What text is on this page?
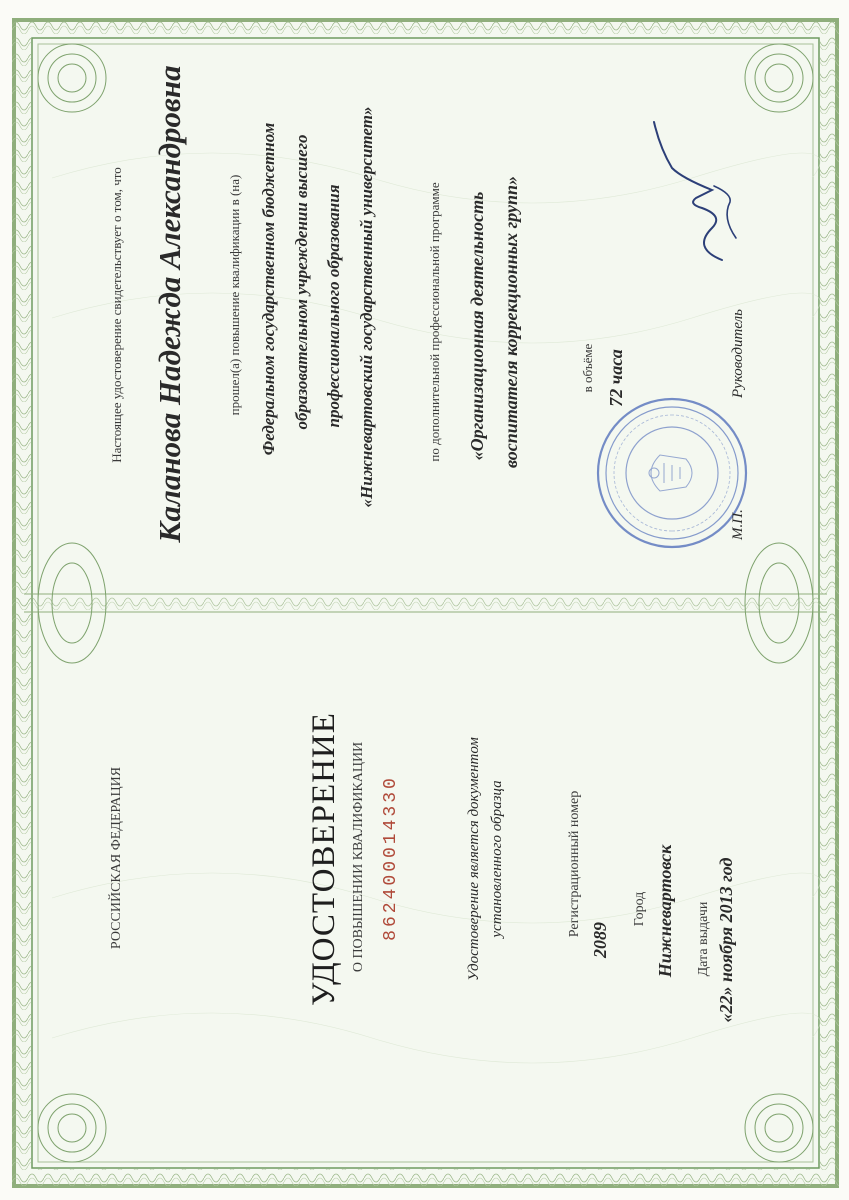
РОССИЙСКАЯ ФЕДЕРАЦИЯ	УДОСТОВЕРЕНИЕ О ПОВЫШЕНИИ КВАЛИФИКАЦИИ 862400014330	Удостоверение является документом установленного образца	Регистрационный номер
2089
Город Нижневартовск Дата выдачи «22» ноября 2013 год
Настоящее удостоверение свидетельствует о том, что Каланова Надежда Александровна	прошел(а) повышение квалификации в (на)	Федеральном государственном бюджетном образовательном учреждении высшего профессионального образования «Нижневартовский государственный университет»	по дополнительной профессиональной программе	«Организационная деятельность воспитателя коррекционных групп»	в объёме 72 часа
М.П.
Руководитель
